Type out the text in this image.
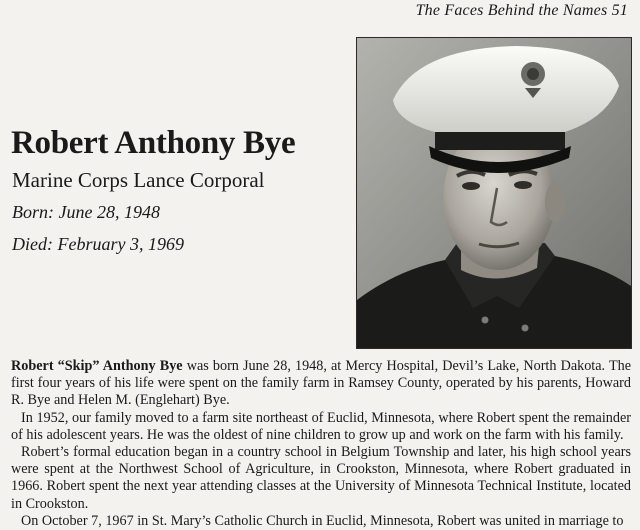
The Faces Behind the Names 51
Robert Anthony Bye
Marine Corps Lance Corporal
Born: June 28, 1948
Died: February 3, 1969

Robert “Skip” Anthony Bye was born June 28, 1948, at Mercy Hospital, Devil’s Lake, North Dakota. The first four years of his life were spent on the family farm in Ramsey County, operated by his parents, Howard R. Bye and Helen M. (Englehart) Bye.

In 1952, our family moved to a farm site northeast of Euclid, Minnesota, where Robert spent the remainder of his adolescent years. He was the oldest of nine children to grow up and work on the farm with his family.

Robert’s formal education began in a country school in Belgium Township and later, his high school years were spent at the Northwest School of Agriculture, in Crookston, Minnesota, where Robert graduated in 1966. Robert spent the next year attending classes at the University of Minnesota Technical Institute, located in Crookston.

On October 7, 1967 in St. Mary’s Catholic Church in Euclid, Minnesota, Robert was united in marriage to
